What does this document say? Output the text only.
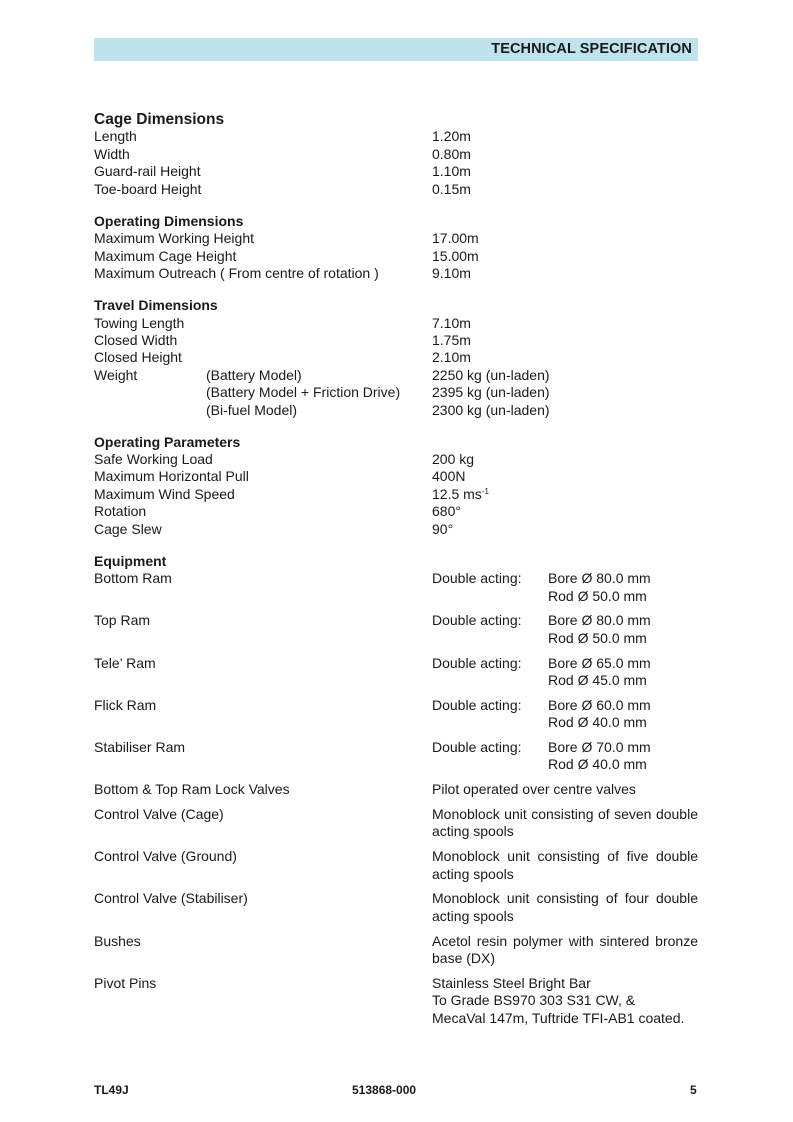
TECHNICAL SPECIFICATION
Cage Dimensions
Length	1.20m
Width	0.80m
Guard-rail Height	1.10m
Toe-board Height	0.15m
Operating Dimensions
Maximum Working Height	17.00m
Maximum Cage Height	15.00m
Maximum Outreach ( From centre of rotation )	9.10m
Travel Dimensions
Towing Length	7.10m
Closed Width	1.75m
Closed Height	2.10m
Weight	(Battery Model)	2250 kg (un-laden)
(Battery Model + Friction Drive) 2395 kg (un-laden)
(Bi-fuel Model)	2300 kg (un-laden)
Operating Parameters
Safe Working Load	200 kg
Maximum Horizontal Pull	400N
Maximum Wind Speed	12.5 $ms^{-1}$
Rotation	680°
Cage Slew	90°
Equipment
Bottom Ram	Double acting: Bore Ø 80.0 mm
Rod Ø 50.0 mm
Top Ram	Double acting: Bore Ø 80.0 mm
Rod Ø 50.0 mm
Tele’ Ram	Double acting: Bore Ø 65.0 mm
Rod Ø 45.0 mm
Flick Ram	Double acting: Bore Ø 60.0 mm
Rod Ø 40.0 mm
Stabiliser Ram	Double acting: Bore Ø 70.0 mm
Rod Ø 40.0 mm
Bottom & Top Ram Lock Valves	Pilot operated over centre valves
Control Valve (Cage)	Monoblock unit consisting of seven double acting spools
Control Valve (Ground)	Monoblock unit consisting of five double acting spools
Control Valve (Stabiliser)	Monoblock unit consisting of four double acting spools
Bushes	Acetol resin polymer with sintered bronze base (DX)
Pivot Pins	Stainless Steel Bright Bar
To Grade BS970 303 S31 CW, &
MecaVal 147m, Tuftride TFI-AB1 coated.
TL49J	513868-000	5
